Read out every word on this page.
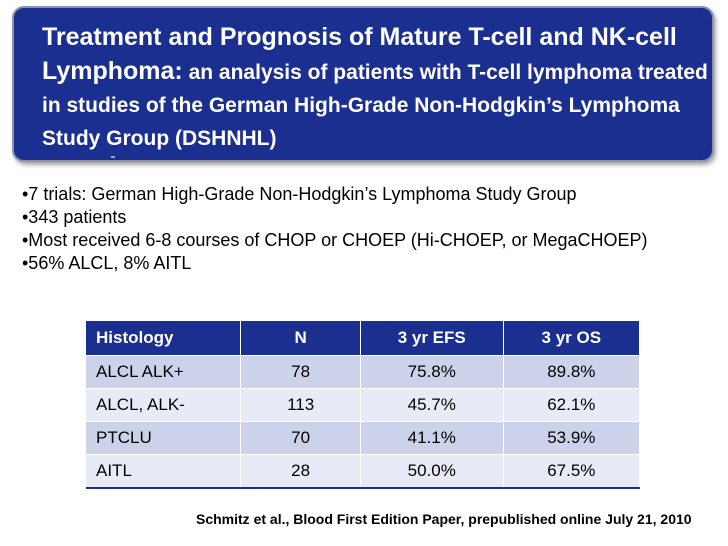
Treatment and Prognosis of Mature T-cell and NK-cell Lymphoma: an analysis of patients with T-cell lymphoma treated in studies of the German High-Grade Non-Hodgkin’s Lymphoma Study Group (DSHNHL)

•7 trials: German High-Grade Non-Hodgkin’s Lymphoma Study Group

•343 patients

•Most received 6-8 courses of CHOP or CHOEP (Hi-CHOEP, or MegaCHOEP)

•56% ALCL, 8% AITL

Histology	N	3 yr EFS	3 yr OS
ALCL ALK+	78	75.8%	89.8%
ALCL, ALK-	113	45.7%	62.1%
PTCLU	70	41.1%	53.9%
AITL	28	50.0%	67.5%
Schmitz et al., Blood First Edition Paper, prepublished online July 21, 2010
